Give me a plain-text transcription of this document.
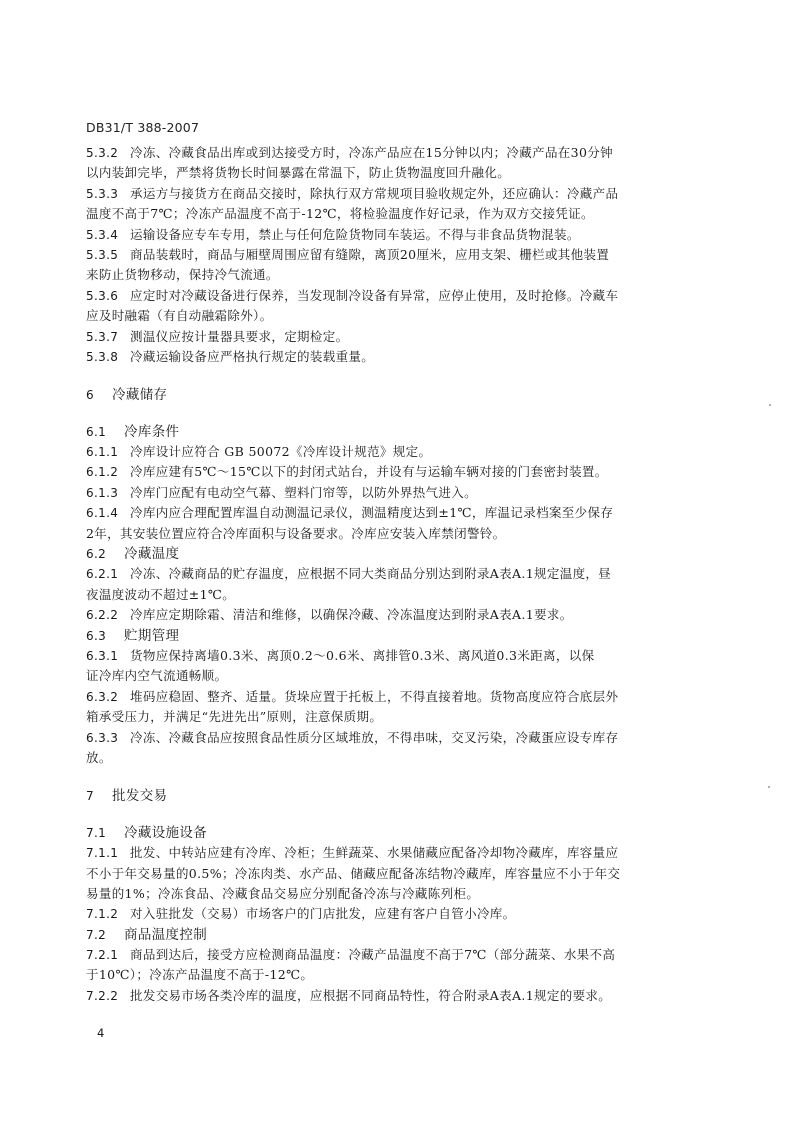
DB31/T 388-2007
5.3.2 冷冻、冷藏食品出库或到达接受方时，冷冻产品应在15分钟以内；冷藏产品在30分钟
以内装卸完毕，严禁将货物长时间暴露在常温下，防止货物温度回升融化。
5.3.3 承运方与接货方在商品交接时，除执行双方常规项目验收规定外，还应确认：冷藏产品
温度不高于7℃；冷冻产品温度不高于-12℃，将检验温度作好记录，作为双方交接凭证。
5.3.4 运输设备应专车专用，禁止与任何危险货物同车装运。不得与非食品货物混装。
5.3.5 商品装载时，商品与厢壁周围应留有缝隙，离顶20厘米，应用支架、栅栏或其他装置
来防止货物移动，保持冷气流通。
5.3.6 应定时对冷藏设备进行保养，当发现制冷设备有异常，应停止使用，及时抢修。冷藏车
应及时融霜（有自动融霜除外）。
5.3.7 测温仪应按计量器具要求，定期检定。
5.3.8 冷藏运输设备应严格执行规定的装载重量。
6 冷藏储存
6.1 冷库条件
6.1.1 冷库设计应符合 GB 50072《冷库设计规范》规定。
6.1.2 冷库应建有5℃～15℃以下的封闭式站台，并设有与运输车辆对接的门套密封装置。
6.1.3 冷库门应配有电动空气幕、塑料门帘等，以防外界热气进入。
6.1.4 冷库内应合理配置库温自动测温记录仪，测温精度达到±1℃，库温记录档案至少保存
2年，其安装位置应符合冷库面积与设备要求。冷库应安装入库禁闭警铃。
6.2 冷藏温度
6.2.1 冷冻、冷藏商品的贮存温度，应根据不同大类商品分别达到附录A表A.1规定温度，昼
夜温度波动不超过±1℃。
6.2.2 冷库应定期除霜、清洁和维修，以确保冷藏、冷冻温度达到附录A表A.1要求。
6.3 贮期管理
6.3.1 货物应保持离墙0.3米、离顶0.2～0.6米、离排管0.3米、离风道0.3米距离，以保
证冷库内空气流通畅顺。
6.3.2 堆码应稳固、整齐、适量。货垛应置于托板上，不得直接着地。货物高度应符合底层外
箱承受压力，并满足“先进先出”原则，注意保质期。
6.3.3 冷冻、冷藏食品应按照食品性质分区域堆放，不得串味，交叉污染，冷藏蛋应设专库存
放。
7 批发交易
7.1 冷藏设施设备
7.1.1 批发、中转站应建有冷库、冷柜；生鲜蔬菜、水果储藏应配备冷却物冷藏库，库容量应
不小于年交易量的0.5%；冷冻肉类、水产品、储藏应配备冻结物冷藏库，库容量应不小于年交
易量的1%；冷冻食品、冷藏食品交易应分别配备冷冻与冷藏陈列柜。
7.1.2 对入驻批发（交易）市场客户的门店批发，应建有客户自管小冷库。
7.2 商品温度控制
7.2.1 商品到达后，接受方应检测商品温度：冷藏产品温度不高于7℃（部分蔬菜、水果不高
于10℃）；冷冻产品温度不高于-12℃。
7.2.2 批发交易市场各类冷库的温度，应根据不同商品特性，符合附录A表A.1规定的要求。
4
